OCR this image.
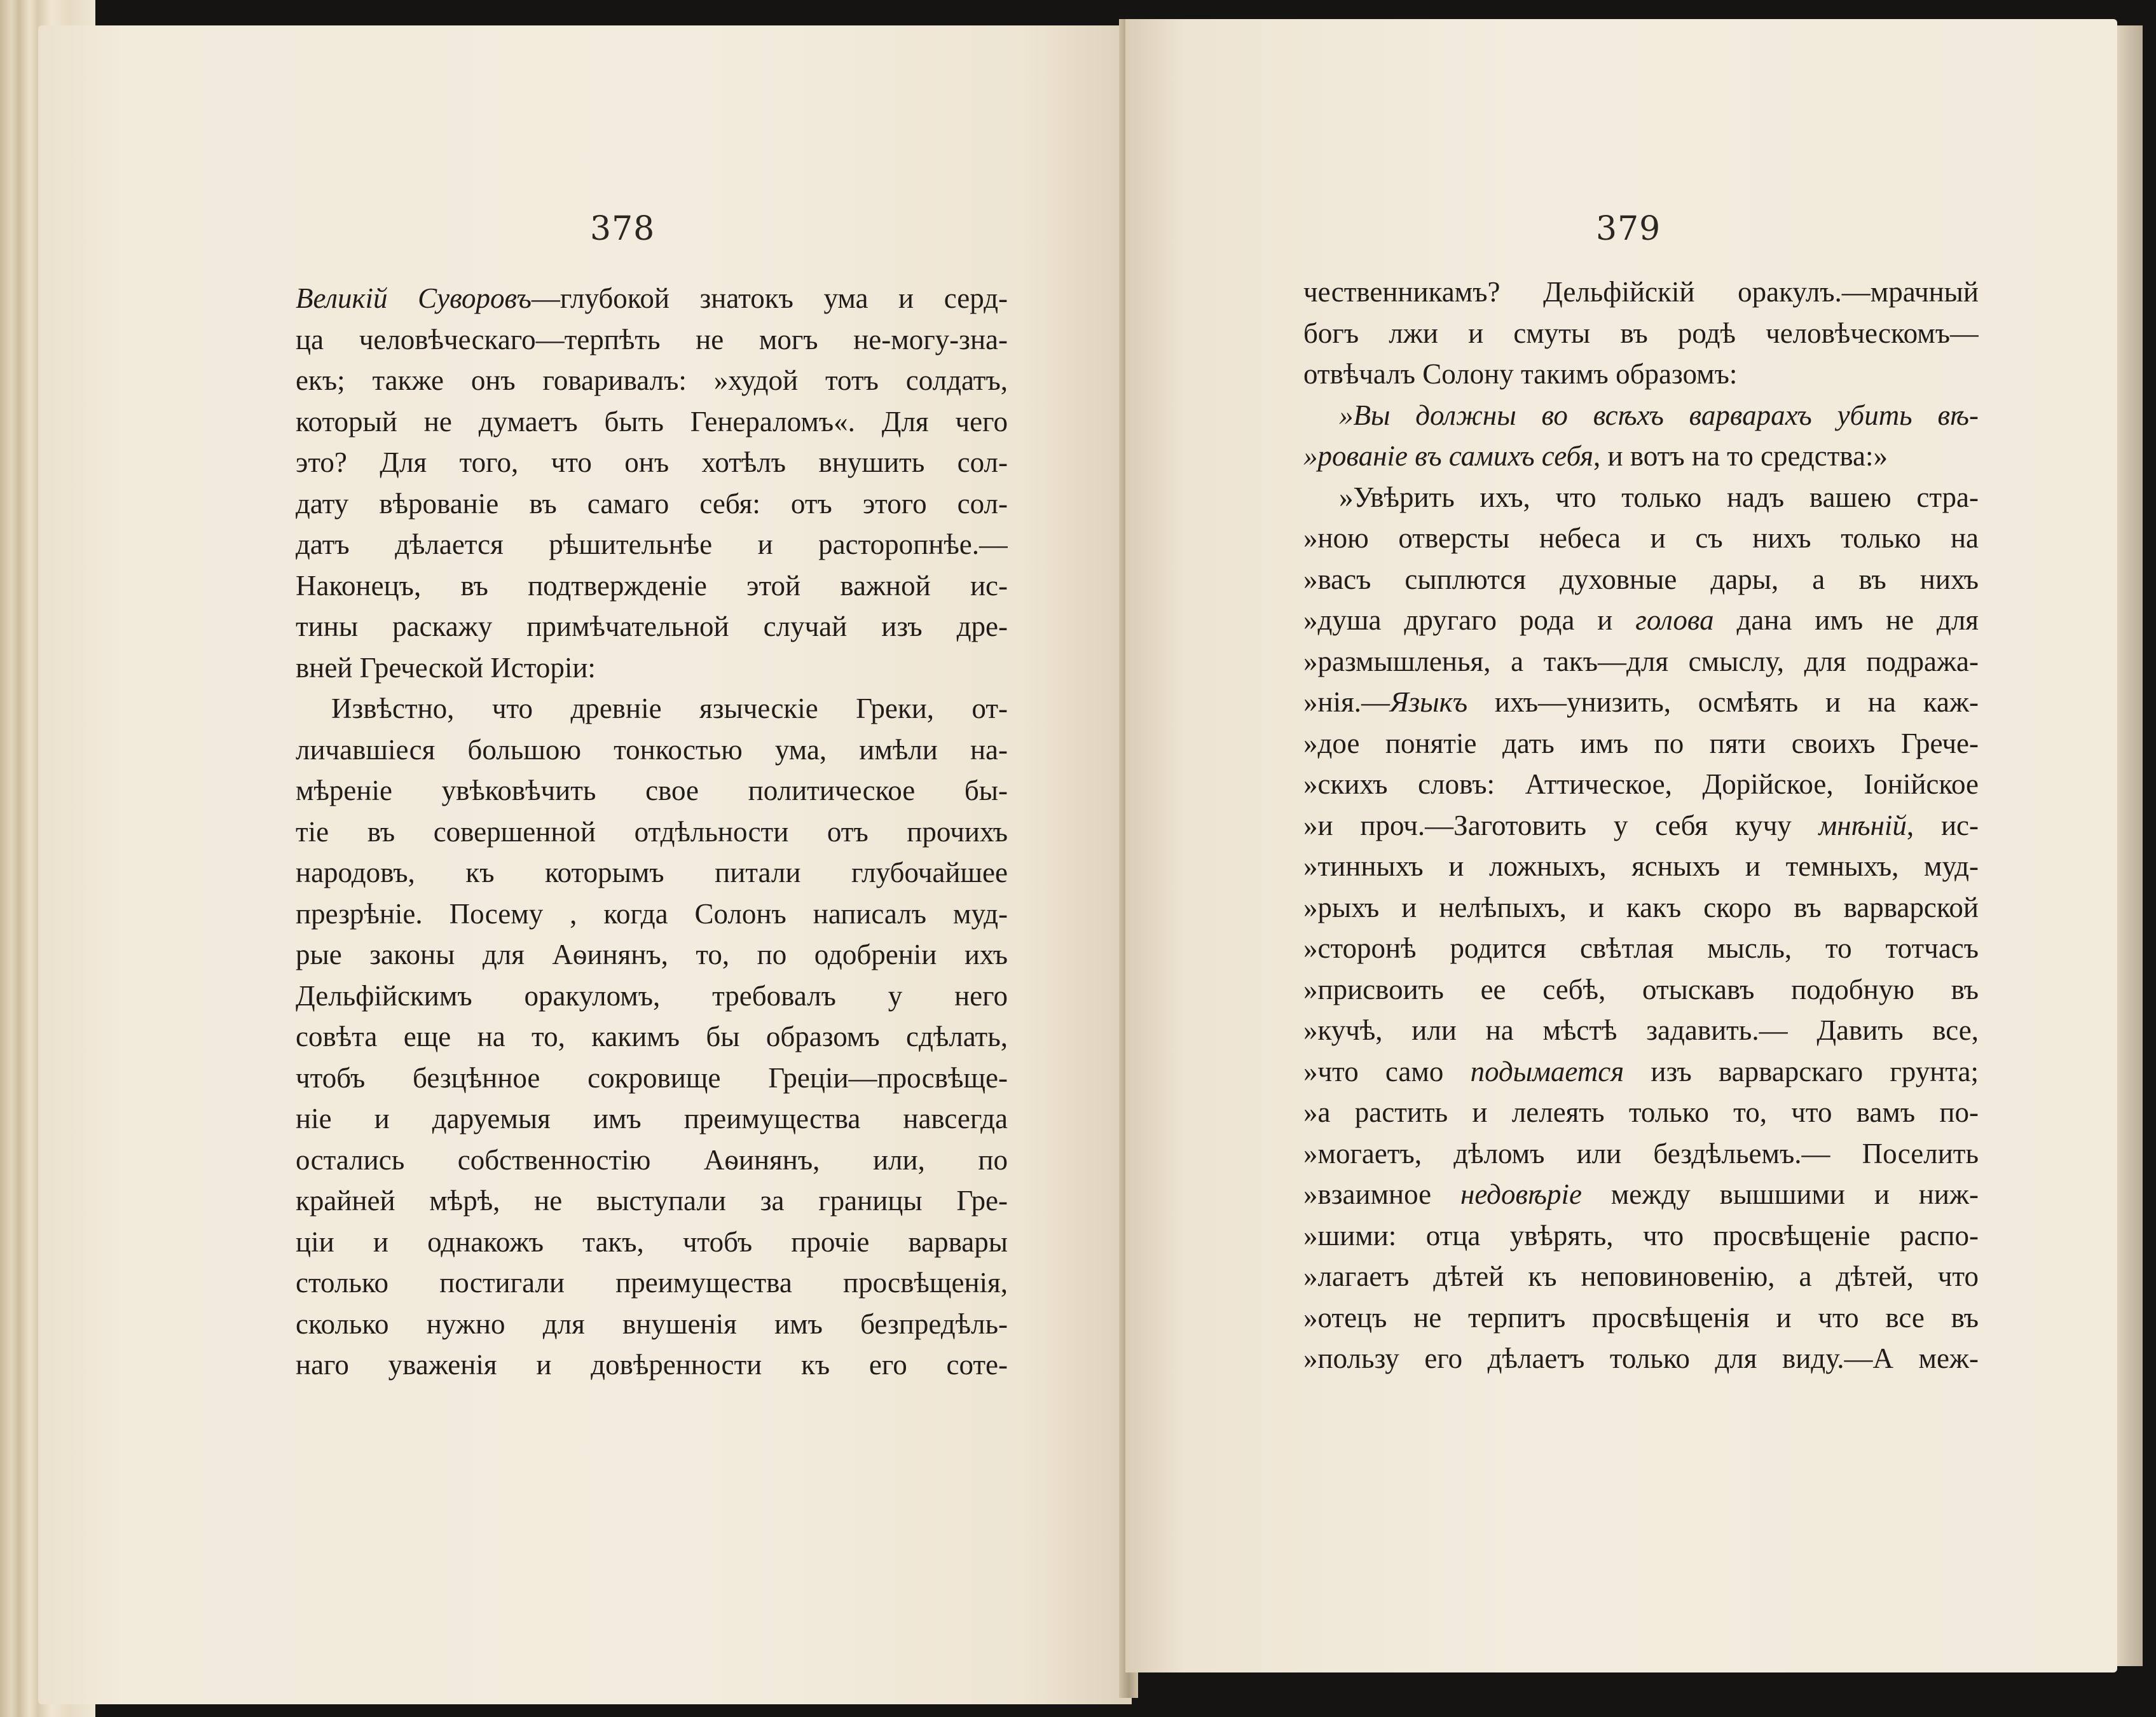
378
Великій Суворовъ—глубокой знатокъ ума и серд-
ца человѣческаго—терпѣть не могъ не-могу-зна-
екъ; также онъ говаривалъ: »худой тотъ солдатъ,
который не думаетъ быть Генераломъ«. Для чего
это? Для того, что онъ хотѣлъ внушить сол-
дату вѣрованіе въ самаго себя: отъ этого сол-
датъ дѣлается рѣшительнѣе и расторопнѣе.—
Наконецъ, въ подтвержденіе этой важной ис-
тины раскажу примѣчательной случай изъ дре-
вней Греческой Исторіи:
Извѣстно, что древніе языческіе Греки, от-
личавшіеся большою тонкостью ума, имѣли на-
мѣреніе увѣковѣчить свое политическое бы-
тіе въ совершенной отдѣльности отъ прочихъ
народовъ, къ которымъ питали глубочайшее
презрѣніе. Посему , когда Солонъ написалъ муд-
рые законы для Аѳинянъ, то, по одобреніи ихъ
Дельфійскимъ оракуломъ, требовалъ у него
совѣта еще на то, какимъ бы образомъ сдѣлать,
чтобъ безцѣнное сокровище Греціи—просвѣще-
ніе и даруемыя имъ преимущества навсегда
остались собственностію Аѳинянъ, или, по
крайней мѣрѣ, не выступали за границы Гре-
ціи и однакожъ такъ, чтобъ прочіе варвары
столько постигали преимущества просвѣщенія,
сколько нужно для внушенія имъ безпредѣль-
наго уваженія и довѣренности къ его соте-
379
чественникамъ? Дельфійскій оракулъ.—мрачный
богъ лжи и смуты въ родѣ человѣческомъ—
отвѣчалъ Солону такимъ образомъ:
»Вы должны во всѣхъ варварахъ убить вѣ-
»рованіе въ самихъ себя, и вотъ на то средства:»
»Увѣрить ихъ, что только надъ вашею стра-
»ною отверсты небеса и съ нихъ только на
»васъ сыплются духовные дары, а въ нихъ
»душа другаго рода и голова дана имъ не для
»размышленья, а такъ—для смыслу, для подража-
»нія.—Языкъ ихъ—унизить, осмѣять и на каж-
»дое понятіе дать имъ по пяти своихъ Грече-
»скихъ словъ: Аттическое, Дорійское, Іонійское
»и проч.—Заготовить у себя кучу мнѣній, ис-
»тинныхъ и ложныхъ, ясныхъ и темныхъ, муд-
»рыхъ и нелѣпыхъ, и какъ скоро въ варварской
»сторонѣ родится свѣтлая мысль, то тотчасъ
»присвоить ее себѣ, отыскавъ подобную въ
»кучѣ, или на мѣстѣ задавить.— Давить все,
»что само подымается изъ варварскаго грунта;
»а растить и лелеять только то, что вамъ по-
»могаетъ, дѣломъ или бездѣльемъ.— Поселить
»взаимное недовѣріе между вышшими и ниж-
»шими: отца увѣрять, что просвѣщеніе распо-
»лагаетъ дѣтей къ неповиновенію, а дѣтей, что
»отецъ не терпитъ просвѣщенія и что все въ
»пользу его дѣлаетъ только для виду.—А меж-
